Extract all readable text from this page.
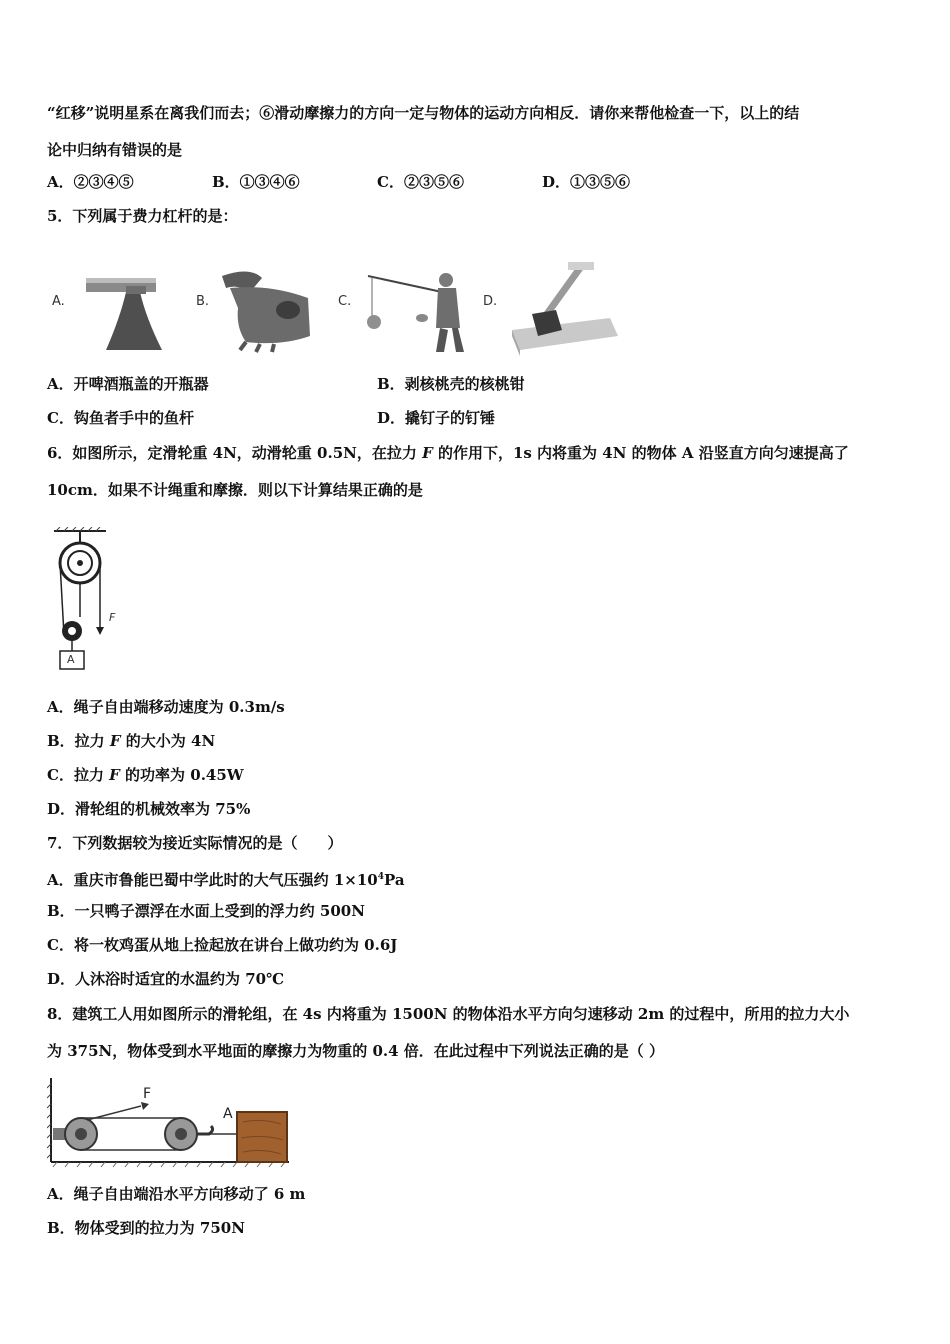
“红移”说明星系在离我们而去；⑥滑动摩擦力的方向一定与物体的运动方向相反．请你来帮他检查一下，以上的结
论中归纳有错误的是
A．②③④⑤	B．①③④⑥	C．②③⑤⑥	D．①③⑤⑥
5．下列属于费力杠杆的是：
A.	B.	C.	D.
A．开啤酒瓶盖的开瓶器	B．剥核桃壳的核桃钳
C．钩鱼者手中的鱼杆	D．撬钉子的钉锤
6．如图所示，定滑轮重 4N，动滑轮重 0.5N，在拉力 F 的作用下，1s 内将重为 4N 的物体 A 沿竖直方向匀速提高了
10cm．如果不计绳重和摩擦．则以下计算结果正确的是
F
A
A．绳子自由端移动速度为 0.3m/s
B．拉力 F 的大小为 4N
C．拉力 F 的功率为 0.45W
D．滑轮组的机械效率为 75%
7．下列数据较为接近实际情况的是（　　）
A．重庆市鲁能巴蜀中学此时的大气压强约 $1\times 10^4Pa$
B．一只鸭子漂浮在水面上受到的浮力约 500N
C．将一枚鸡蛋从地上捡起放在讲台上做功约为 0.6J
D．人沐浴时适宜的水温约为 70℃
8．建筑工人用如图所示的滑轮组，在 4s 内将重为 1500N 的物体沿水平方向匀速移动 2m 的过程中，所用的拉力大小
为 375N，物体受到水平地面的摩擦力为物重的 0.4 倍．在此过程中下列说法正确的是（ ）
F
A
A．绳子自由端沿水平方向移动了 6 m
B．物体受到的拉力为 750N
